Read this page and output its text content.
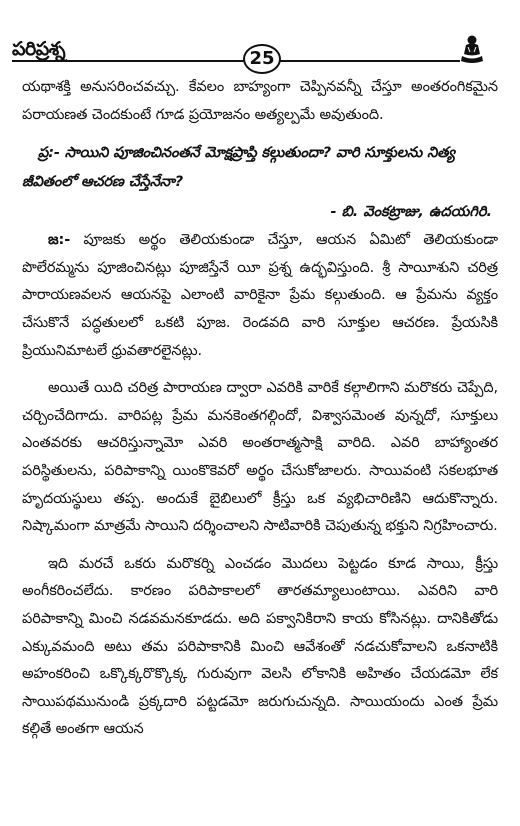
పరిప్రశ్న	25

యథాశక్తి అనుసరించవచ్చు. కేవలం బాహ్యంగా చెప్పినవన్నీ చేస్తూ అంతరంగికమైన పరాయణత చెందకుంటే గూడ ప్రయోజనం అత్యల్పమే అవుతుంది.

ప్ర:- సాయిని పూజించినంతనే మోక్షప్రాప్తి కల్గుతుందా? వారి సూక్తులను నిత్య జీవితంలో ఆచరణ చేస్తేనేనా?

- బి. వెంకట్రాజు, ఉదయగిరి.

జ:- పూజకు అర్థం తెలియకుండా చేస్తూ, ఆయన ఏమిటో తెలియకుండా పొలేరమ్మను పూజించినట్లు పూజిస్తేనే యీ ప్రశ్న ఉద్భవిస్తుంది. శ్రీ సాయీశుని చరిత్ర పారాయణవలన ఆయనపై ఎలాంటి వారికైనా ప్రేమ కల్గుతుంది. ఆ ప్రేమను వ్యక్తం చేసుకొనే పద్ధతులలో ఒకటి పూజ. రెండవది వారి సూక్తుల ఆచరణ. ప్రేయసికి ప్రియునిమాటలే ధ్రువతారలైనట్లు.

అయితే యిది చరిత్ర పారాయణ ద్వారా ఎవరికి వారికే కల్గాలిగాని మరొకరు చెప్పేది, చర్చించేదిగాదు. వారిపట్ల ప్రేమ మనకెంతగల్గిందో, విశ్వాసమెంత వున్నదో, సూక్తులు ఎంతవరకు ఆచరిస్తున్నామో ఎవరి అంతరాత్మసాక్షి వారిది. ఎవరి బాహ్యాంతర పరిస్థితులను, పరిపాకాన్ని యింకొకెవరో అర్థం చేసుకోజాలరు. సాయివంటి సకలభూత హృదయస్థులు తప్ప. అందుకే బైబిలులో క్రీస్తు ఒక వ్యభిచారిణిని ఆదుకొన్నారు. నిష్కామంగా మాత్రమే సాయిని దర్శించాలని సాటివారికి చెపుతున్న భక్తుని నిగ్రహించారు.

ఇది మరచే ఒకరు మరొకర్ని ఎంచడం మొదలు పెట్టడం కూడ సాయి, క్రీస్తు అంగీకరించలేదు. కారణం పరిపాకాలలో తారతమ్యాలుంటాయి. ఎవరిని వారి పరిపాకాన్ని మించి నడవమనకూడదు. అది పక్వానికిరాని కాయ కోసినట్లు. దానికితోడు ఎక్కువమంది అటు తమ పరిపాకానికి మించి ఆవేశంతో నడచుకోవాలని ఒకనాటికి అహంకరించి ఒక్కొక్కరొక్కొక్క గురువుగా వెలసి లోకానికి అహితం చేయడమో లేక సాయిపథమునుండి ప్రక్కదారి పట్టడమో జరుగుచున్నది. సాయియందు ఎంత ప్రేమ కల్గితే అంతగా ఆయన
